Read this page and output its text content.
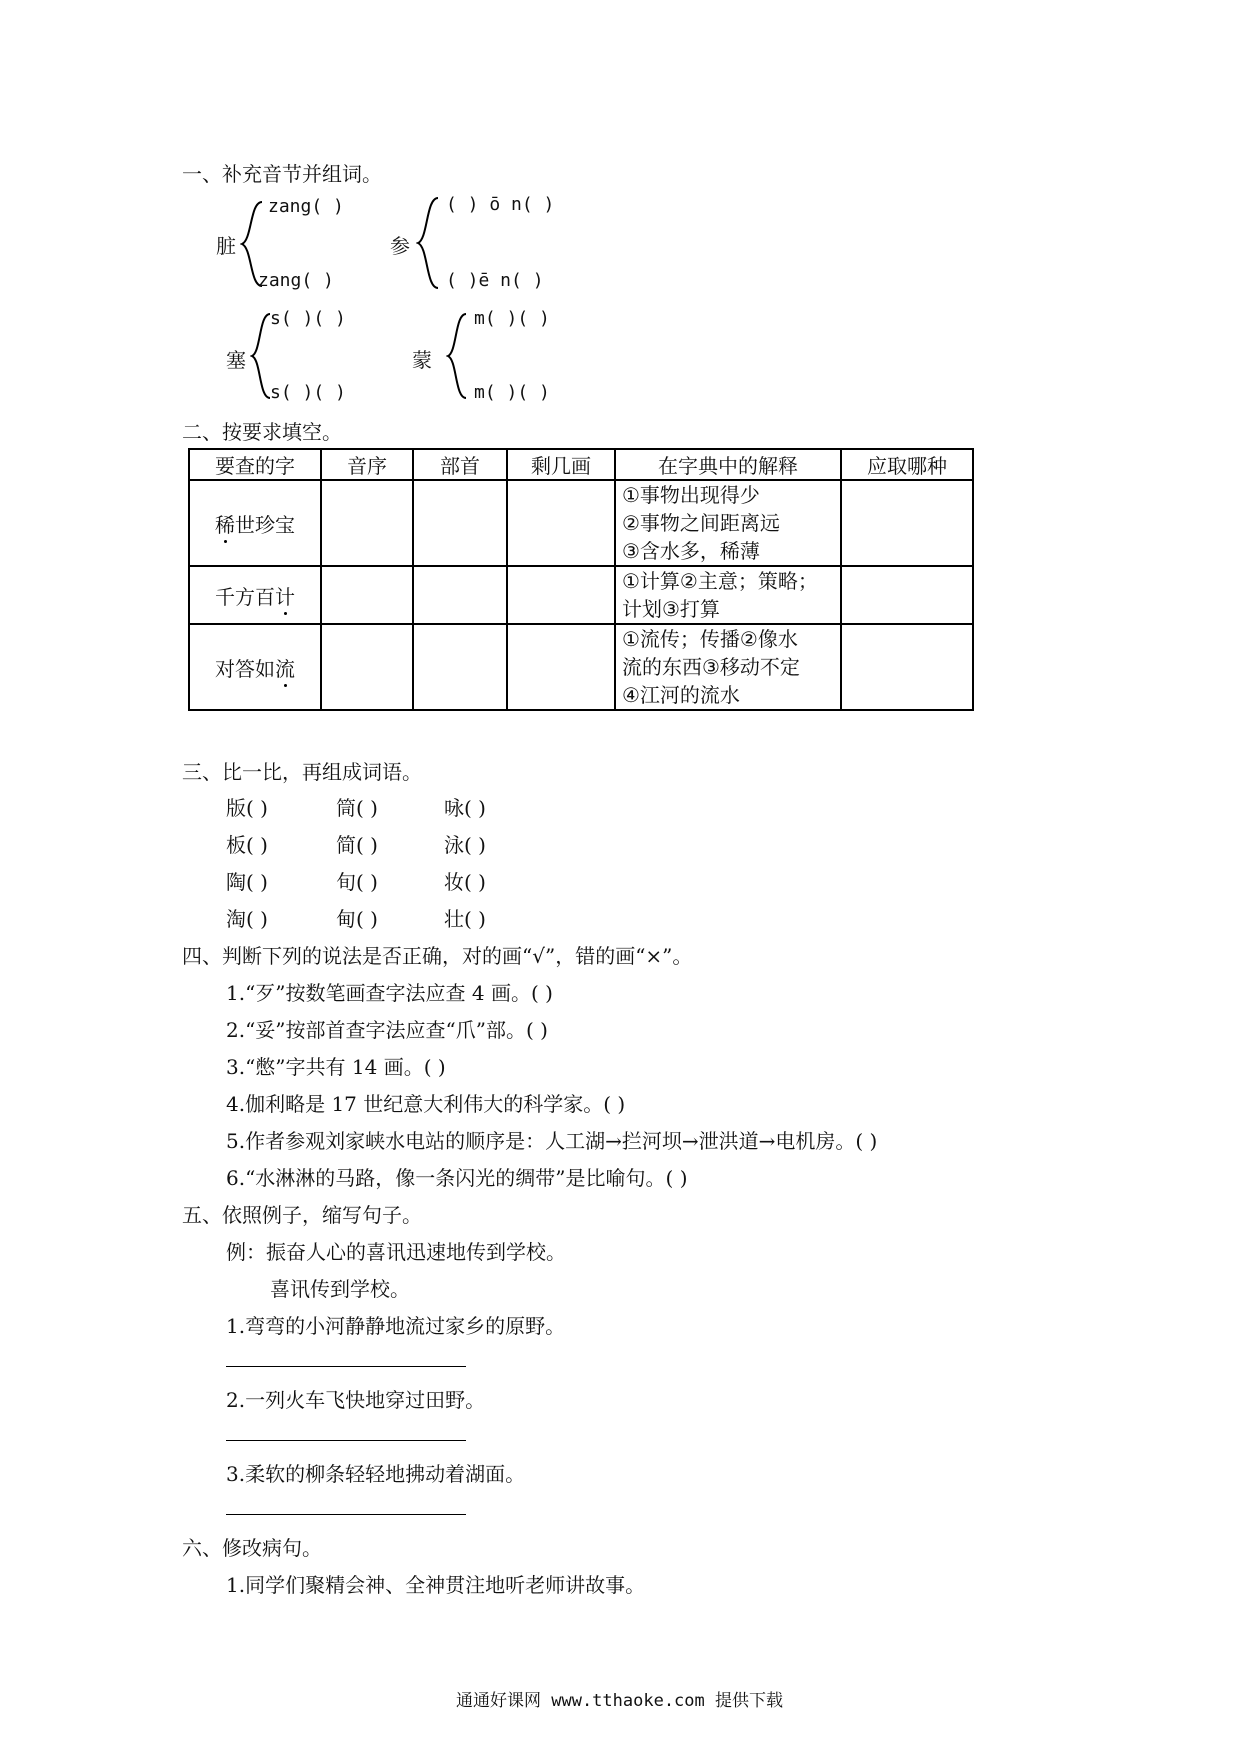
一、补充音节并组词。
脏
zang( )
zang( )
参
( ) ō n( )
( )ē n( )
塞
s( )( )
s( )( )
蒙
m( )( )
m( )( )
二、按要求填空。
要查的字	音序	部首	剩几画	在字典中的解释	应取哪种
稀世珍宝				①事物出现得少
②事物之间距离远
③含水多，稀薄	

千方百计				①计算②主意；策略；
计划③打算	

对答如流				①流传；传播②像水
流的东西③移动不定
④江河的流水	

三、比一比，再组成词语。
版( )	筒( )	咏( )
板( )	简( )	泳( )
陶( )	旬( )	妆( )
淘( )	甸( )	壮( )
四、判断下列的说法是否正确，对的画“√”，错的画“×”。
1.“歹”按数笔画查字法应查 4 画。( )
2.“妥”按部首查字法应查“爪”部。( )
3.“憋”字共有 14 画。( )
4.伽利略是 17 世纪意大利伟大的科学家。( )
5.作者参观刘家峡水电站的顺序是：人工湖→拦河坝→泄洪道→电机房。( )
6.“水淋淋的马路，像一条闪光的绸带”是比喻句。( )
五、依照例子，缩写句子。
例：振奋人心的喜讯迅速地传到学校。
喜讯传到学校。
1.弯弯的小河静静地流过家乡的原野。
2.一列火车飞快地穿过田野。
3.柔软的柳条轻轻地拂动着湖面。
六、修改病句。
1.同学们聚精会神、全神贯注地听老师讲故事。
通通好课网 www.tthaoke.com 提供下载
